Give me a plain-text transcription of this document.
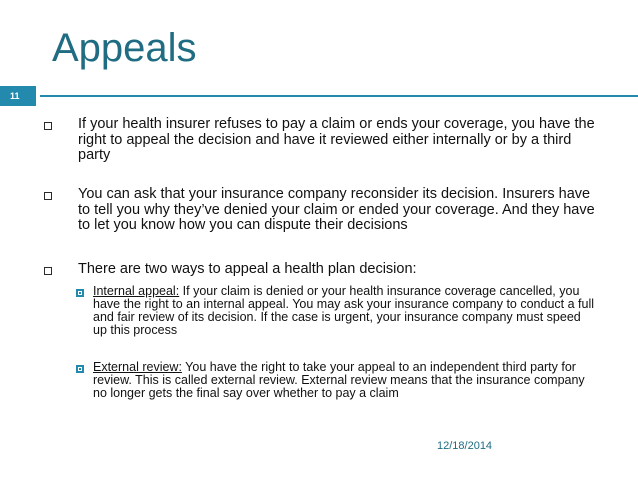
Appeals
11
If your health insurer refuses to pay a claim or ends your coverage, you have the right to appeal the decision and have it reviewed either internally or by a third party
You can ask that your insurance company reconsider its decision. Insurers have to tell you why they’ve denied your claim or ended your coverage. And they have to let you know how you can dispute their decisions
There are two ways to appeal a health plan decision:
Internal appeal: If your claim is denied or your health insurance coverage cancelled, you have the right to an internal appeal. You may ask your insurance company to conduct a full and fair review of its decision. If the case is urgent, your insurance company must speed up this process
External review: You have the right to take your appeal to an independent third party for review. This is called external review. External review means that the insurance company no longer gets the final say over whether to pay a claim
12/18/2014
